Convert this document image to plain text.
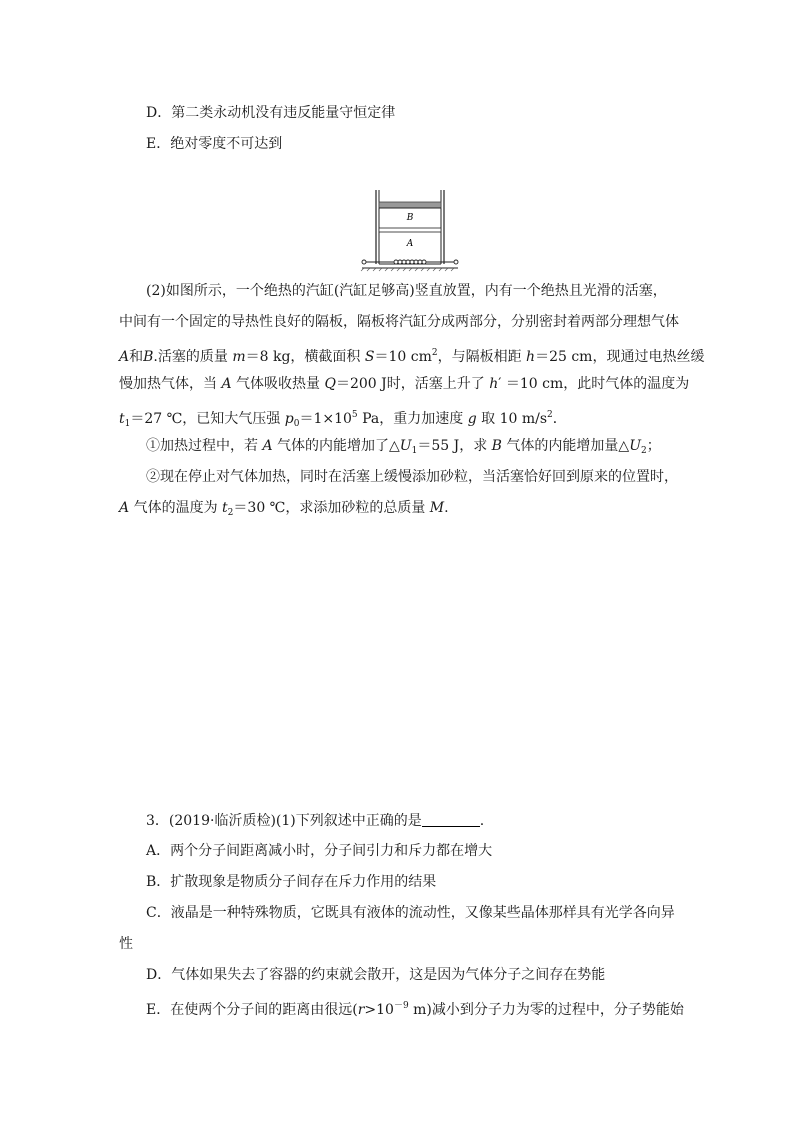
D．第二类永动机没有违反能量守恒定律
E．绝对零度不可达到
B
A
(2)如图所示，一个绝热的汽缸(汽缸足够高)竖直放置，内有一个绝热且光滑的活塞，
中间有一个固定的导热性良好的隔板，隔板将汽缸分成两部分，分别密封着两部分理想气体
A和B.活塞的质量 m＝8 kg，横截面积 S＝10 $cm^2$，与隔板相距 h＝25 cm，现通过电热丝缓
慢加热气体，当 A 气体吸收热量 Q＝200 J时，活塞上升了 h′ ＝10 cm，此时气体的温度为
$t_1=27$ ℃，已知大气压强 $p_0=1\times 10^5$ Pa，重力加速度 g 取 10 $m/s^2$．
①加热过程中，若 A 气体的内能增加了$\triangle U_1=55$ J，求 B 气体的内能增加量$\triangle U_2$；
②现在停止对气体加热，同时在活塞上缓慢添加砂粒，当活塞恰好回到原来的位置时，
A 气体的温度为 $t_2=30$ ℃，求添加砂粒的总质量 M.
3．(2019·临沂质检)(1)下列叙述中正确的是	.
A．两个分子间距离减小时，分子间引力和斥力都在增大
B．扩散现象是物质分子间存在斥力作用的结果
C．液晶是一种特殊物质，它既具有液体的流动性，又像某些晶体那样具有光学各向异
性
D．气体如果失去了容器的约束就会散开，这是因为气体分子之间存在势能
E．在使两个分子间的距离由很远($r>10^{-9}$ m)减小到分子力为零的过程中，分子势能始
